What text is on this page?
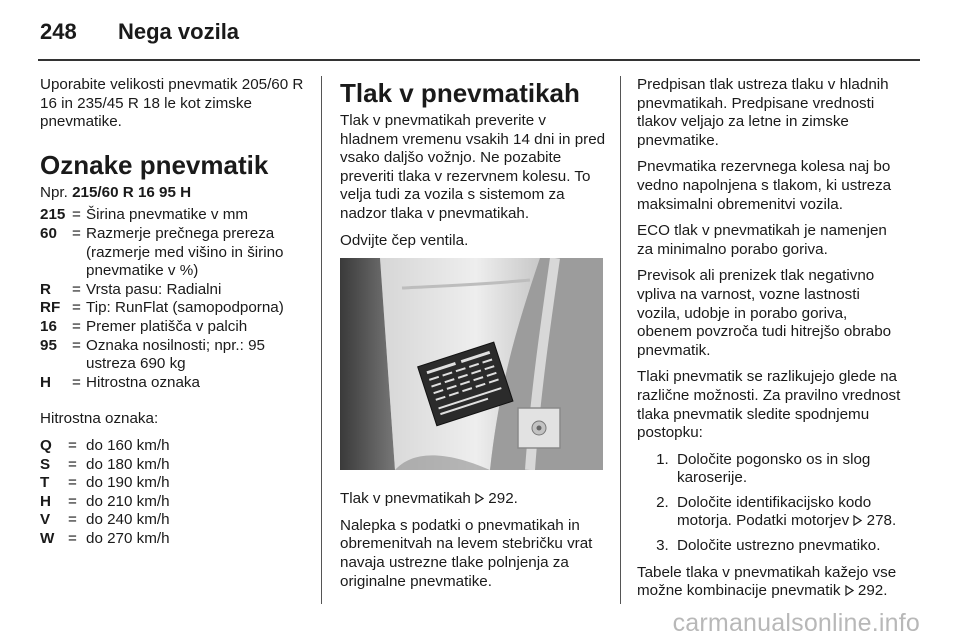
248	Nega vozila

Uporabite velikosti pnevmatik 205/60 R 16 in 235/45 R 18 le kot zimske pnevmatike.

Oznake pnevmatik

Npr. 215/60 R 16 95 H

215 = Širina pnevmatike v mm
60 = Razmerje prečnega prereza (razmerje med višino in širino pnevmatike v %)
R	= Vrsta pasu: Radialni
RF = Tip: RunFlat (samopodporna)
16 = Premer platišča v palcih
95 = Oznaka nosilnosti; npr.: 95 ustreza 690 kg
H	= Hitrostna oznaka

Hitrostna oznaka:

Q	= do 160 km/h
S	= do 180 km/h
T	= do 190 km/h
H	= do 210 km/h
V	= do 240 km/h
W = do 270 km/h
Tlak v pnevmatikah

Tlak v pnevmatikah preverite v hladnem vremenu vsakih 14 dni in pred vsako daljšo vožnjo. Ne pozabite preveriti tlaka v rezervnem kolesu. To velja tudi za vozila s sistemom za nadzor tlaka v pnevmatikah.

Odvijte čep ventila.

Tlak v pnevmatikah  292.

Nalepka s podatki o pnevmatikah in obremenitvah na levem stebričku vrat navaja ustrezne tlake polnjenja za originalne pnevmatike.

Predpisan tlak ustreza tlaku v hladnih pnevmatikah. Predpisane vrednosti tlakov veljajo za letne in zimske pnevmatike.

Pnevmatika rezervnega kolesa naj bo vedno napolnjena s tlakom, ki ustreza maksimalni obremenitvi vozila.

ECO tlak v pnevmatikah je namenjen za minimalno porabo goriva.

Previsok ali prenizek tlak negativno vpliva na varnost, vozne lastnosti vozila, udobje in porabo goriva, obenem povzroča tudi hitrejšo obrabo pnevmatik.

Tlaki pnevmatik se razlikujejo glede na različne možnosti. Za pravilno vrednost tlaka pnevmatik sledite spodnjemu postopku:

1. Določite pogonsko os in slog karoserije.
2. Določite identifikacijsko kodo motorja. Podatki motorjev  278.
3. Določite ustrezno pnevmatiko.

Tabele tlaka v pnevmatikah kažejo vse možne kombinacije pnevmatik  292.

carmanualsonline.info
